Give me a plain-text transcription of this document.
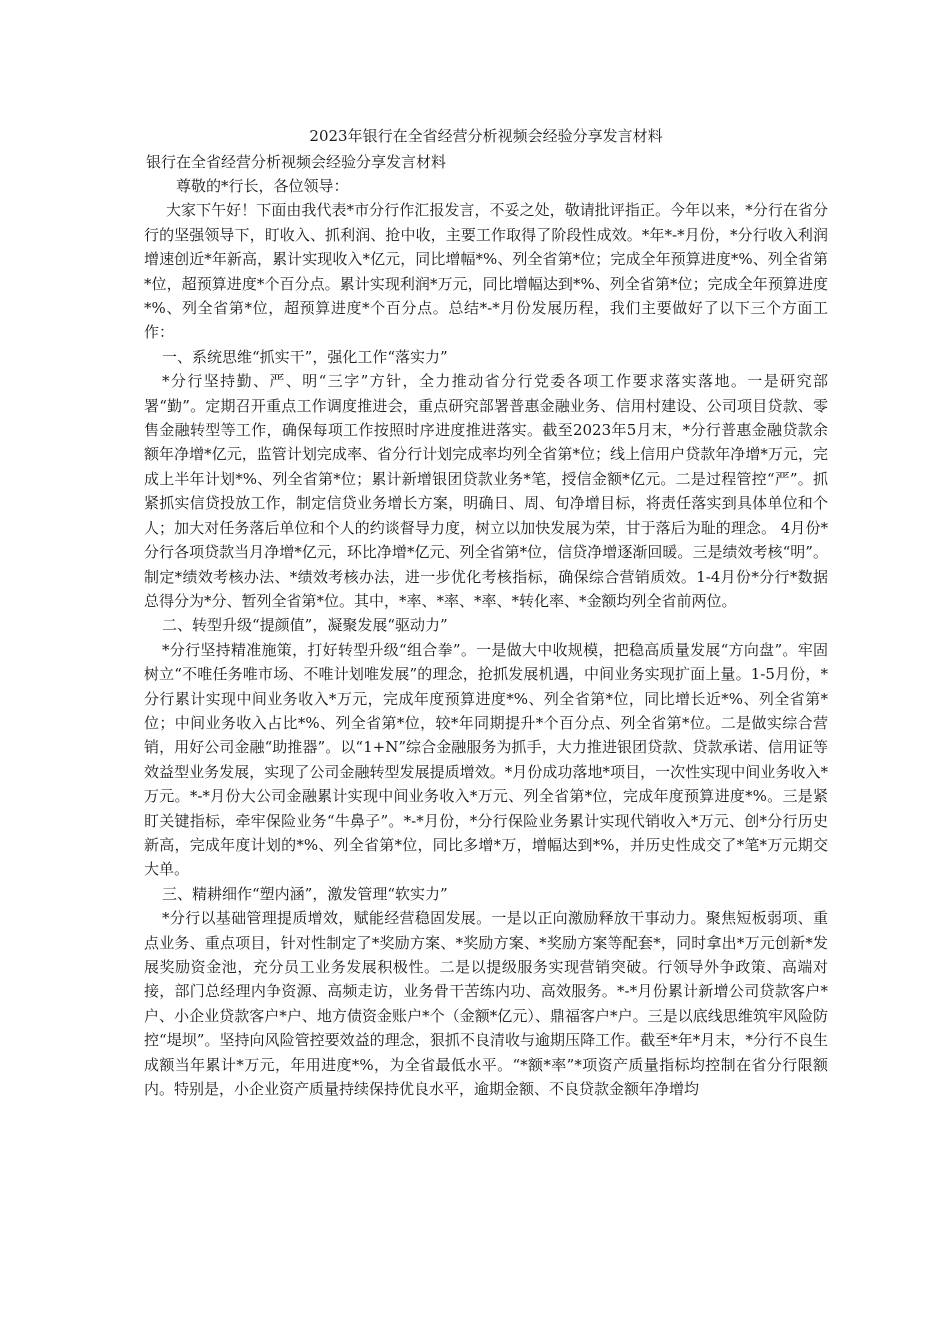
2023年银行在全省经营分析视频会经验分享发言材料
银行在全省经营分析视频会经验分享发言材料

尊敬的*行长，各位领导：

大家下午好！下面由我代表*市分行作汇报发言，不妥之处，敬请批评指正。今年以来，*分行在省分行的坚强领导下，盯收入、抓利润、抢中收，主要工作取得了阶段性成效。*年*-*月份，*分行收入利润增速创近*年新高，累计实现收入*亿元，同比增幅*%、列全省第*位；完成全年预算进度*%、列全省第*位，超预算进度*个百分点。累计实现利润*万元，同比增幅达到*%、列全省第*位；完成全年预算进度*%、列全省第*位，超预算进度*个百分点。总结*-*月份发展历程，我们主要做好了以下三个方面工作：

一、系统思维“抓实干”，强化工作“落实力”

*分行坚持勤、严、明“三字”方针，全力推动省分行党委各项工作要求落实落地。一是研究部署“勤”。定期召开重点工作调度推进会，重点研究部署普惠金融业务、信用村建设、公司项目贷款、零售金融转型等工作，确保每项工作按照时序进度推进落实。截至2023年5月末，*分行普惠金融贷款余额年净增*亿元，监管计划完成率、省分行计划完成率均列全省第*位；线上信用户贷款年净增*万元，完成上半年计划*%、列全省第*位；累计新增银团贷款业务*笔，授信金额*亿元。二是过程管控“严”。抓紧抓实信贷投放工作，制定信贷业务增长方案，明确日、周、旬净增目标，将责任落实到具体单位和个人；加大对任务落后单位和个人的约谈督导力度，树立以加快发展为荣，甘于落后为耻的理念。 4月份*分行各项贷款当月净增*亿元，环比净增*亿元、列全省第*位，信贷净增逐渐回暖。三是绩效考核“明”。制定*绩效考核办法、*绩效考核办法，进一步优化考核指标，确保综合营销质效。1-4月份*分行*数据总得分为*分、暂列全省第*位。其中，*率、*率、*率、*转化率、*金额均列全省前两位。

二、转型升级“提颜值”，凝聚发展“驱动力”

*分行坚持精准施策，打好转型升级“组合拳”。一是做大中收规模，把稳高质量发展“方向盘”。牢固树立“不唯任务唯市场、不唯计划唯发展”的理念，抢抓发展机遇，中间业务实现扩面上量。1-5月份，*分行累计实现中间业务收入*万元，完成年度预算进度*%、列全省第*位，同比增长近*%、列全省第*位；中间业务收入占比*%、列全省第*位，较*年同期提升*个百分点、列全省第*位。二是做实综合营销，用好公司金融“助推器”。以“1+N”综合金融服务为抓手，大力推进银团贷款、贷款承诺、信用证等效益型业务发展，实现了公司金融转型发展提质增效。*月份成功落地*项目，一次性实现中间业务收入*万元。*-*月份大公司金融累计实现中间业务收入*万元、列全省第*位，完成年度预算进度*%。三是紧盯关键指标，牵牢保险业务“牛鼻子”。*-*月份，*分行保险业务累计实现代销收入*万元、创*分行历史新高，完成年度计划的*%、列全省第*位，同比多增*万，增幅达到*%，并历史性成交了*笔*万元期交大单。

三、精耕细作“塑内涵”，激发管理“软实力”

*分行以基础管理提质增效，赋能经营稳固发展。一是以正向激励释放干事动力。聚焦短板弱项、重点业务、重点项目，针对性制定了*奖励方案、*奖励方案、*奖励方案等配套*，同时拿出*万元创新*发展奖励资金池，充分员工业务发展积极性。二是以提级服务实现营销突破。行领导外争政策、高端对接，部门总经理内争资源、高频走访，业务骨干苦练内功、高效服务。*-*月份累计新增公司贷款客户*户、小企业贷款客户*户、地方债资金账户*个（金额*亿元）、鼎福客户*户。三是以底线思维筑牢风险防控“堤坝”。坚持向风险管控要效益的理念，狠抓不良清收与逾期压降工作。截至*年*月末，*分行不良生成额当年累计*万元，年用进度*%，为全省最低水平。“*额*率”*项资产质量指标均控制在省分行限额内。特别是，小企业资产质量持续保持优良水平，逾期金额、不良贷款金额年净增均
